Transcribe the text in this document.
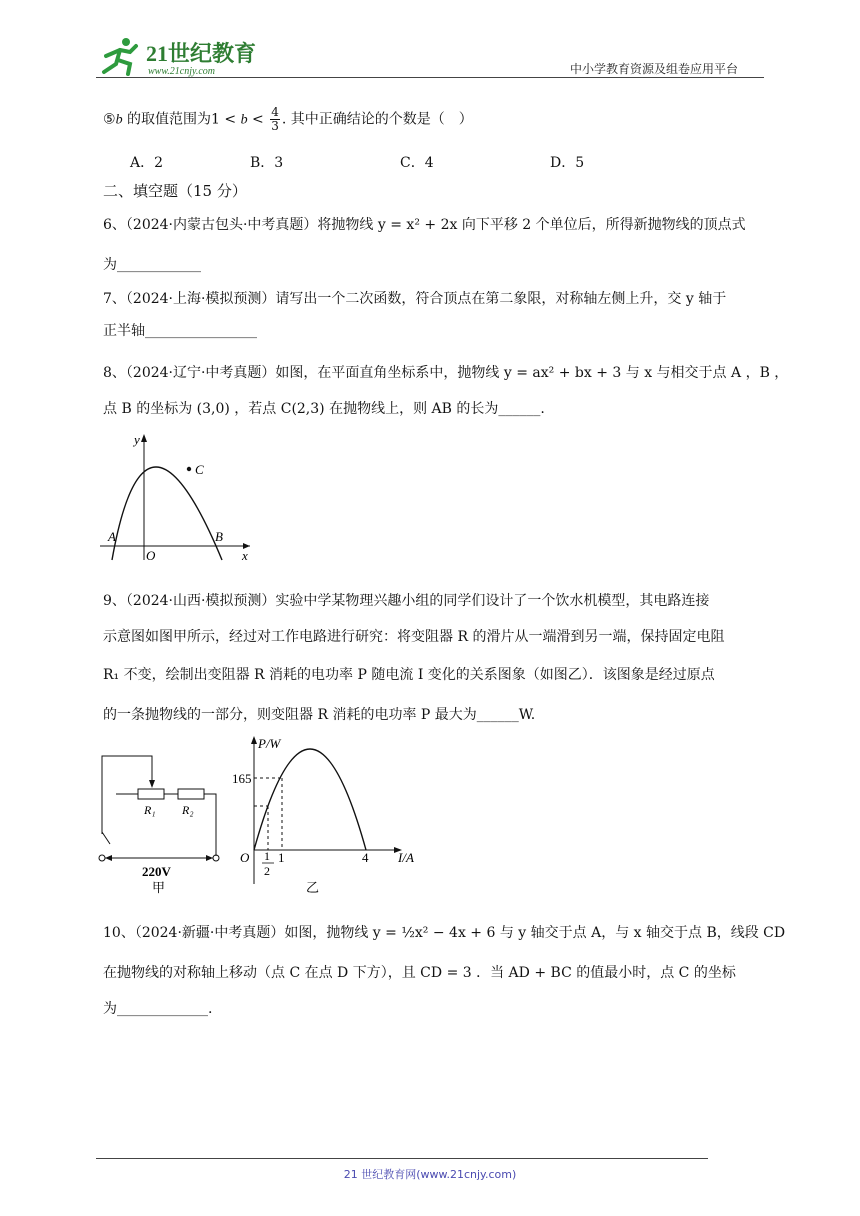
21世纪教育
www.21cnjy.com	中小学教育资源及组卷应用平台
⑤b 的取值范围为$1 < b < \frac{4}{3}$ . 其中正确结论的个数是（　）
A．2	B．3	C．4	D．5
二、填空题（15 分）
6、（2024·内蒙古包头·中考真题）将抛物线 y = x² + 2x 向下平移 2 个单位后，所得新抛物线的顶点式
为____________
7、（2024·上海·模拟预测）请写出一个二次函数，符合顶点在第二象限，对称轴左侧上升，交 y 轴于
正半轴________________
8、（2024·辽宁·中考真题）如图，在平面直角坐标系中，抛物线 y = ax² + bx + 3 与 x 与相交于点 A ，B ，
点 B 的坐标为 (3,0) ，若点 C(2,3) 在抛物线上，则 AB 的长为______.
y
x
C
A	B
O
9、（2024·山西·模拟预测）实验中学某物理兴趣小组的同学们设计了一个饮水机模型，其电路连接
示意图如图甲所示，经过对工作电路进行研究：将变阻器 R 的滑片从一端滑到另一端，保持固定电阻
R₁ 不变，绘制出变阻器 R 消耗的电功率 P 随电流 I 变化的关系图象（如图乙）．该图象是经过原点
的一条抛物线的一部分，则变阻器 R 消耗的电功率 P 最大为______W.
R₁ R₂
220V
甲
P/W
I/A
165
O 1
2
1	4
乙
10、（2024·新疆·中考真题）如图，抛物线 y = ½x² − 4x + 6 与 y 轴交于点 A，与 x 轴交于点 B，线段 CD
在抛物线的对称轴上移动（点 C 在点 D 下方），且 CD = 3 ．当 AD + BC 的值最小时，点 C 的坐标
为_____________.
21 世纪教育网(www.21cnjy.com)
